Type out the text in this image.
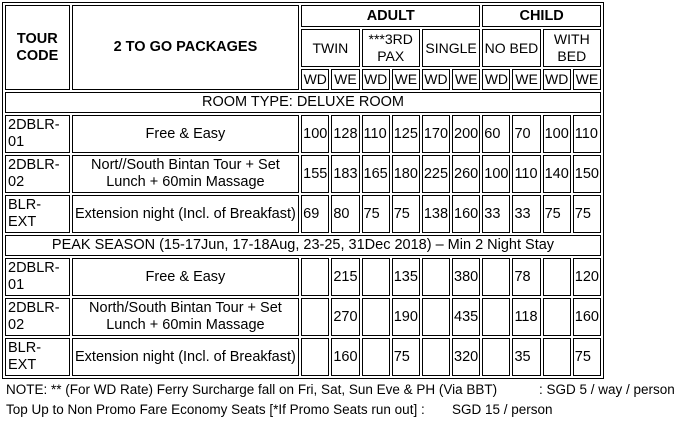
TOUR CODE	2 TO GO PACKAGES	ADULT						CHILD			
		TWIN		***3RD PAX		SINGLE		NO BED		WITH BED	
		WD	WE	WD	WE	WD	WE	WD	WE	WD	WE
ROOM TYPE: DELUXE ROOM											
2DBLR-01	Free & Easy	100	128	110	125	170	200	60	70	100	110
2DBLR-02	Nort//South Bintan Tour + Set Lunch + 60min Massage	155	183	165	180	225	260	100	110	140	150
BLR-EXT	Extension night (Incl. of Breakfast)	69	80	75	75	138	160	33	33	75	75
PEAK SEASON (15-17Jun, 17-18Aug, 23-25, 31Dec 2018) – Min 2 Night Stay											
2DBLR-01	Free & Easy		215		135		380		78		120
2DBLR-02	North/South Bintan Tour + Set Lunch + 60min Massage		270		190		435		118		160
BLR-EXT	Extension night (Incl. of Breakfast)		160		75		320		35		75
NOTE: ** (For WD Rate) Ferry Surcharge fall on Fri, Sat, Sun Eve & PH (Via BBT)	: SGD 5 / way / person
Top Up to Non Promo Fare Economy Seats [*If Promo Seats run out] : SGD 15 / person
